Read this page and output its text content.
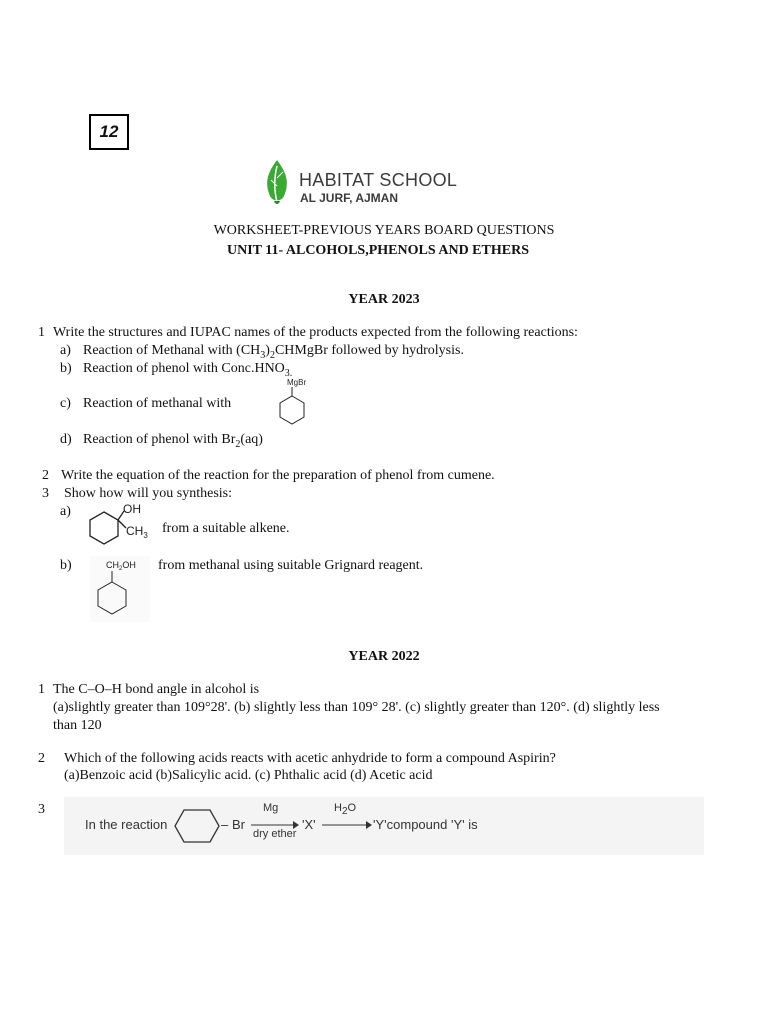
12
HABITAT SCHOOL
AL JURF, AJMAN
WORKSHEET-PREVIOUS YEARS BOARD QUESTIONS
UNIT 11- ALCOHOLS,PHENOLS AND ETHERS
YEAR 2023
1 Write the structures and IUPAC names of the products expected from the following reactions:
a) Reaction of Methanal with $(CH_3)_2CHMgBr$ followed by hydrolysis.
b) Reaction of phenol with $Conc.HNO_{3.}$
c) Reaction of methanal with
MgBr
d) Reaction of phenol with $Br_2(aq)$
2 Write the equation of the reaction for the preparation of phenol from cumene.
3 Show how will you synthesis:
a)	OH
$CH_3$ from a suitable alkene.
b)	$CH_2OH$ from methanal using suitable Grignard reagent.
YEAR 2022
1 The C–O–H bond angle in alcohol is
(a)slightly greater than 109°28'. (b) slightly less than 109° 28'. (c) slightly greater than 120°. (d) slightly less
than 120
2 Which of the following acids reacts with acetic anhydride to form a compound Aspirin?
(a)Benzoic acid (b)Salicylic acid. (c) Phthalic acid (d) Acetic acid
3
In the reaction	– Br
Mg
dry ether
'X'
$H_2O$
'Y'compound 'Y' is
